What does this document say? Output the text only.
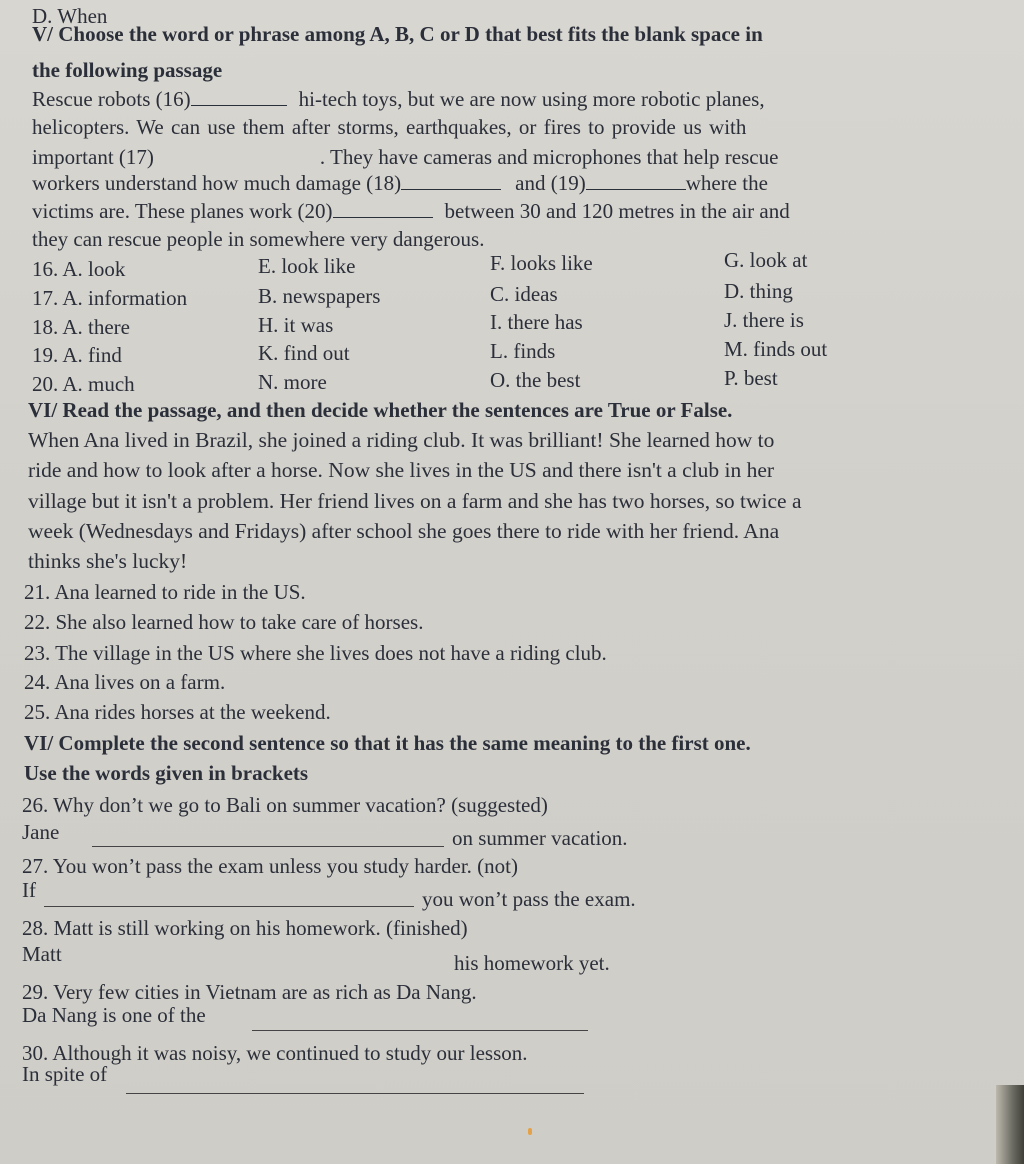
D. When
V/ Choose the word or phrase among A, B, C or D that best fits the blank space in
the following passage
Rescue robots (16)	hi-tech toys, but we are now using more robotic planes,
helicopters. We can use them after storms, earthquakes, or fires to provide us with
important (17)	. They have cameras and microphones that help rescue
workers understand how much damage (18)	and (19)	where the
victims are. These planes work (20)	between 30 and 120 metres in the air and
they can rescue people in somewhere very dangerous.
16. A. look	E. look like	F. looks like	G. look at
17. A. information	B. newspapers	C. ideas	D. thing
18. A. there	H. it was	I. there has	J. there is
19. A. find	K. find out	L. finds	M. finds out
20. A. much	N. more	O. the best	P. best
VI/ Read the passage, and then decide whether the sentences are True or False.
When Ana lived in Brazil, she joined a riding club. It was brilliant! She learned how to
ride and how to look after a horse. Now she lives in the US and there isn't a club in her
village but it isn't a problem. Her friend lives on a farm and she has two horses, so twice a
week (Wednesdays and Fridays) after school she goes there to ride with her friend. Ana
thinks she's lucky!
21. Ana learned to ride in the US.
22. She also learned how to take care of horses.
23. The village in the US where she lives does not have a riding club.
24. Ana lives on a farm.
25. Ana rides horses at the weekend.
VI/ Complete the second sentence so that it has the same meaning to the first one.
Use the words given in brackets
26. Why don’t we go to Bali on summer vacation? (suggested)
Jane	on summer vacation.
27. You won’t pass the exam unless you study harder. (not)
If	you won’t pass the exam.
28. Matt is still working on his homework. (finished)
Matt	his homework yet.
29. Very few cities in Vietnam are as rich as Da Nang.
Da Nang is one of the
30. Although it was noisy, we continued to study our lesson.
In spite of
